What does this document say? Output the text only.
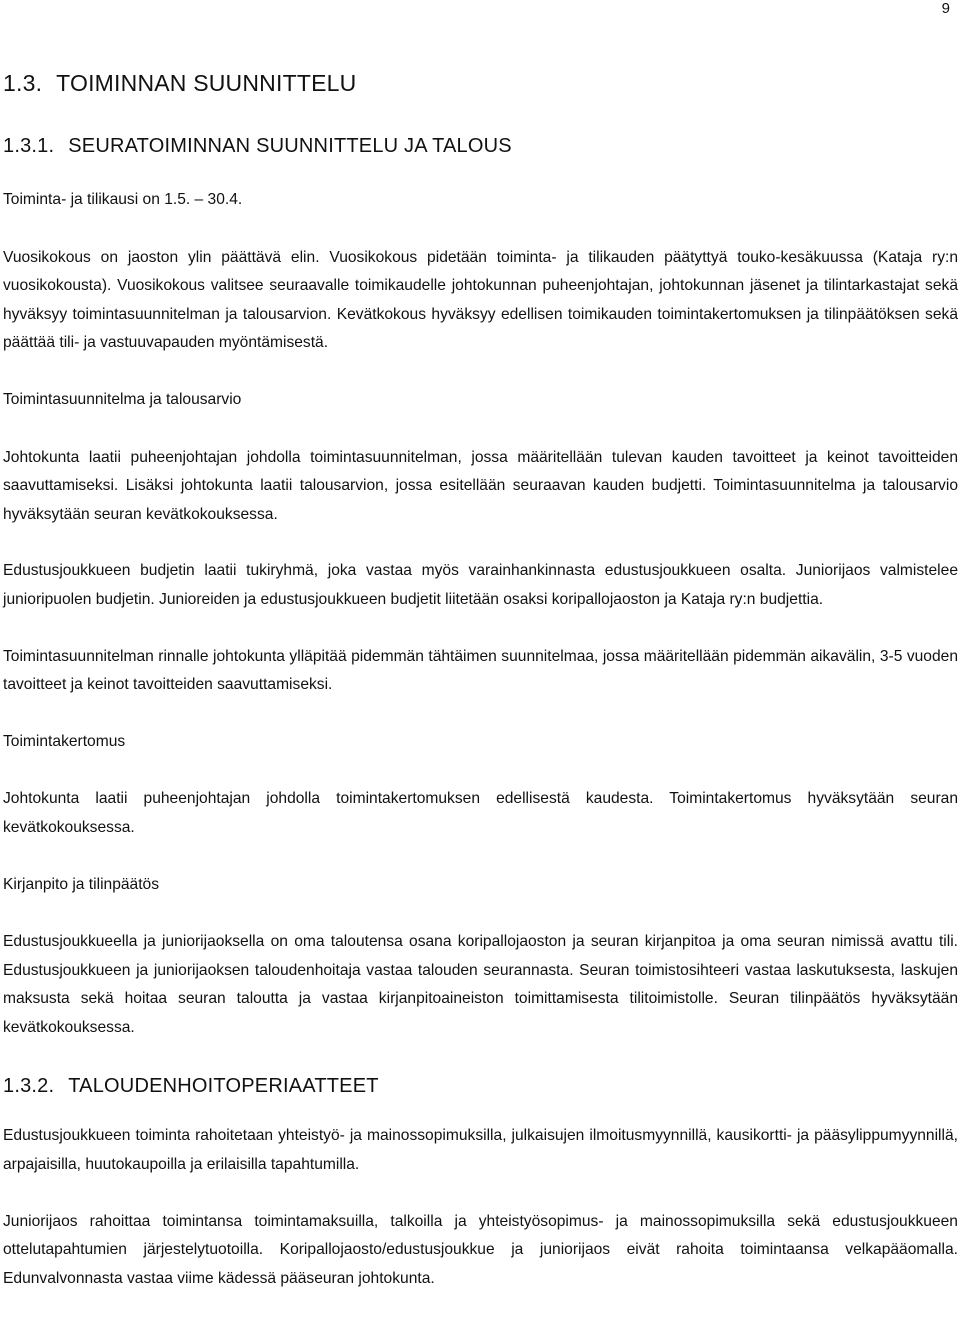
9
1.3. TOIMINNAN SUUNNITTELU
1.3.1. SEURATOIMINNAN SUUNNITTELU JA TALOUS

Toiminta- ja tilikausi on 1.5. – 30.4.

Vuosikokous on jaoston ylin päättävä elin. Vuosikokous pidetään toiminta- ja tilikauden päätyttyä touko-kesäkuussa (Kataja ry:n vuosikokousta). Vuosikokous valitsee seuraavalle toimikaudelle johtokunnan puheenjohtajan, johtokunnan jäsenet ja tilintarkastajat sekä hyväksyy toimintasuunnitelman ja talousarvion. Kevätkokous hyväksyy edellisen toimikauden toimintakertomuksen ja tilinpäätöksen sekä päättää tili- ja vastuuvapauden myöntämisestä.

Toimintasuunnitelma ja talousarvio

Johtokunta laatii puheenjohtajan johdolla toimintasuunnitelman, jossa määritellään tulevan kauden tavoitteet ja keinot tavoitteiden saavuttamiseksi. Lisäksi johtokunta laatii talousarvion, jossa esitellään seuraavan kauden budjetti. Toimintasuunnitelma ja talousarvio hyväksytään seuran kevätkokouksessa.

Edustusjoukkueen budjetin laatii tukiryhmä, joka vastaa myös varainhankinnasta edustusjoukkueen osalta. Juniorijaos valmistelee junioripuolen budjetin. Junioreiden ja edustusjoukkueen budjetit liitetään osaksi koripallojaoston ja Kataja ry:n budjettia.

Toimintasuunnitelman rinnalle johtokunta ylläpitää pidemmän tähtäimen suunnitelmaa, jossa määritellään pidemmän aikavälin, 3-5 vuoden tavoitteet ja keinot tavoitteiden saavuttamiseksi.

Toimintakertomus

Johtokunta laatii puheenjohtajan johdolla toimintakertomuksen edellisestä kaudesta. Toimintakertomus hyväksytään seuran kevätkokouksessa.

Kirjanpito ja tilinpäätös

Edustusjoukkueella ja juniorijaoksella on oma taloutensa osana koripallojaoston ja seuran kirjanpitoa ja oma seuran nimissä avattu tili. Edustusjoukkueen ja juniorijaoksen taloudenhoitaja vastaa talouden seurannasta. Seuran toimistosihteeri vastaa laskutuksesta, laskujen maksusta sekä hoitaa seuran taloutta ja vastaa kirjanpitoaineiston toimittamisesta tilitoimistolle. Seuran tilinpäätös hyväksytään kevätkokouksessa.

1.3.2. TALOUDENHOITOPERIAATTEET

Edustusjoukkueen toiminta rahoitetaan yhteistyö- ja mainossopimuksilla, julkaisujen ilmoitusmyynnillä, kausikortti- ja pääsylippumyynnillä, arpajaisilla, huutokaupoilla ja erilaisilla tapahtumilla.

Juniorijaos rahoittaa toimintansa toimintamaksuilla, talkoilla ja yhteistyösopimus- ja mainossopimuksilla sekä edustusjoukkueen ottelutapahtumien järjestelytuotoilla. Koripallojaosto/edustusjoukkue ja juniorijaos eivät rahoita toimintaansa velkapääomalla. Edunvalvonnasta vastaa viime kädessä pääseuran johtokunta.
